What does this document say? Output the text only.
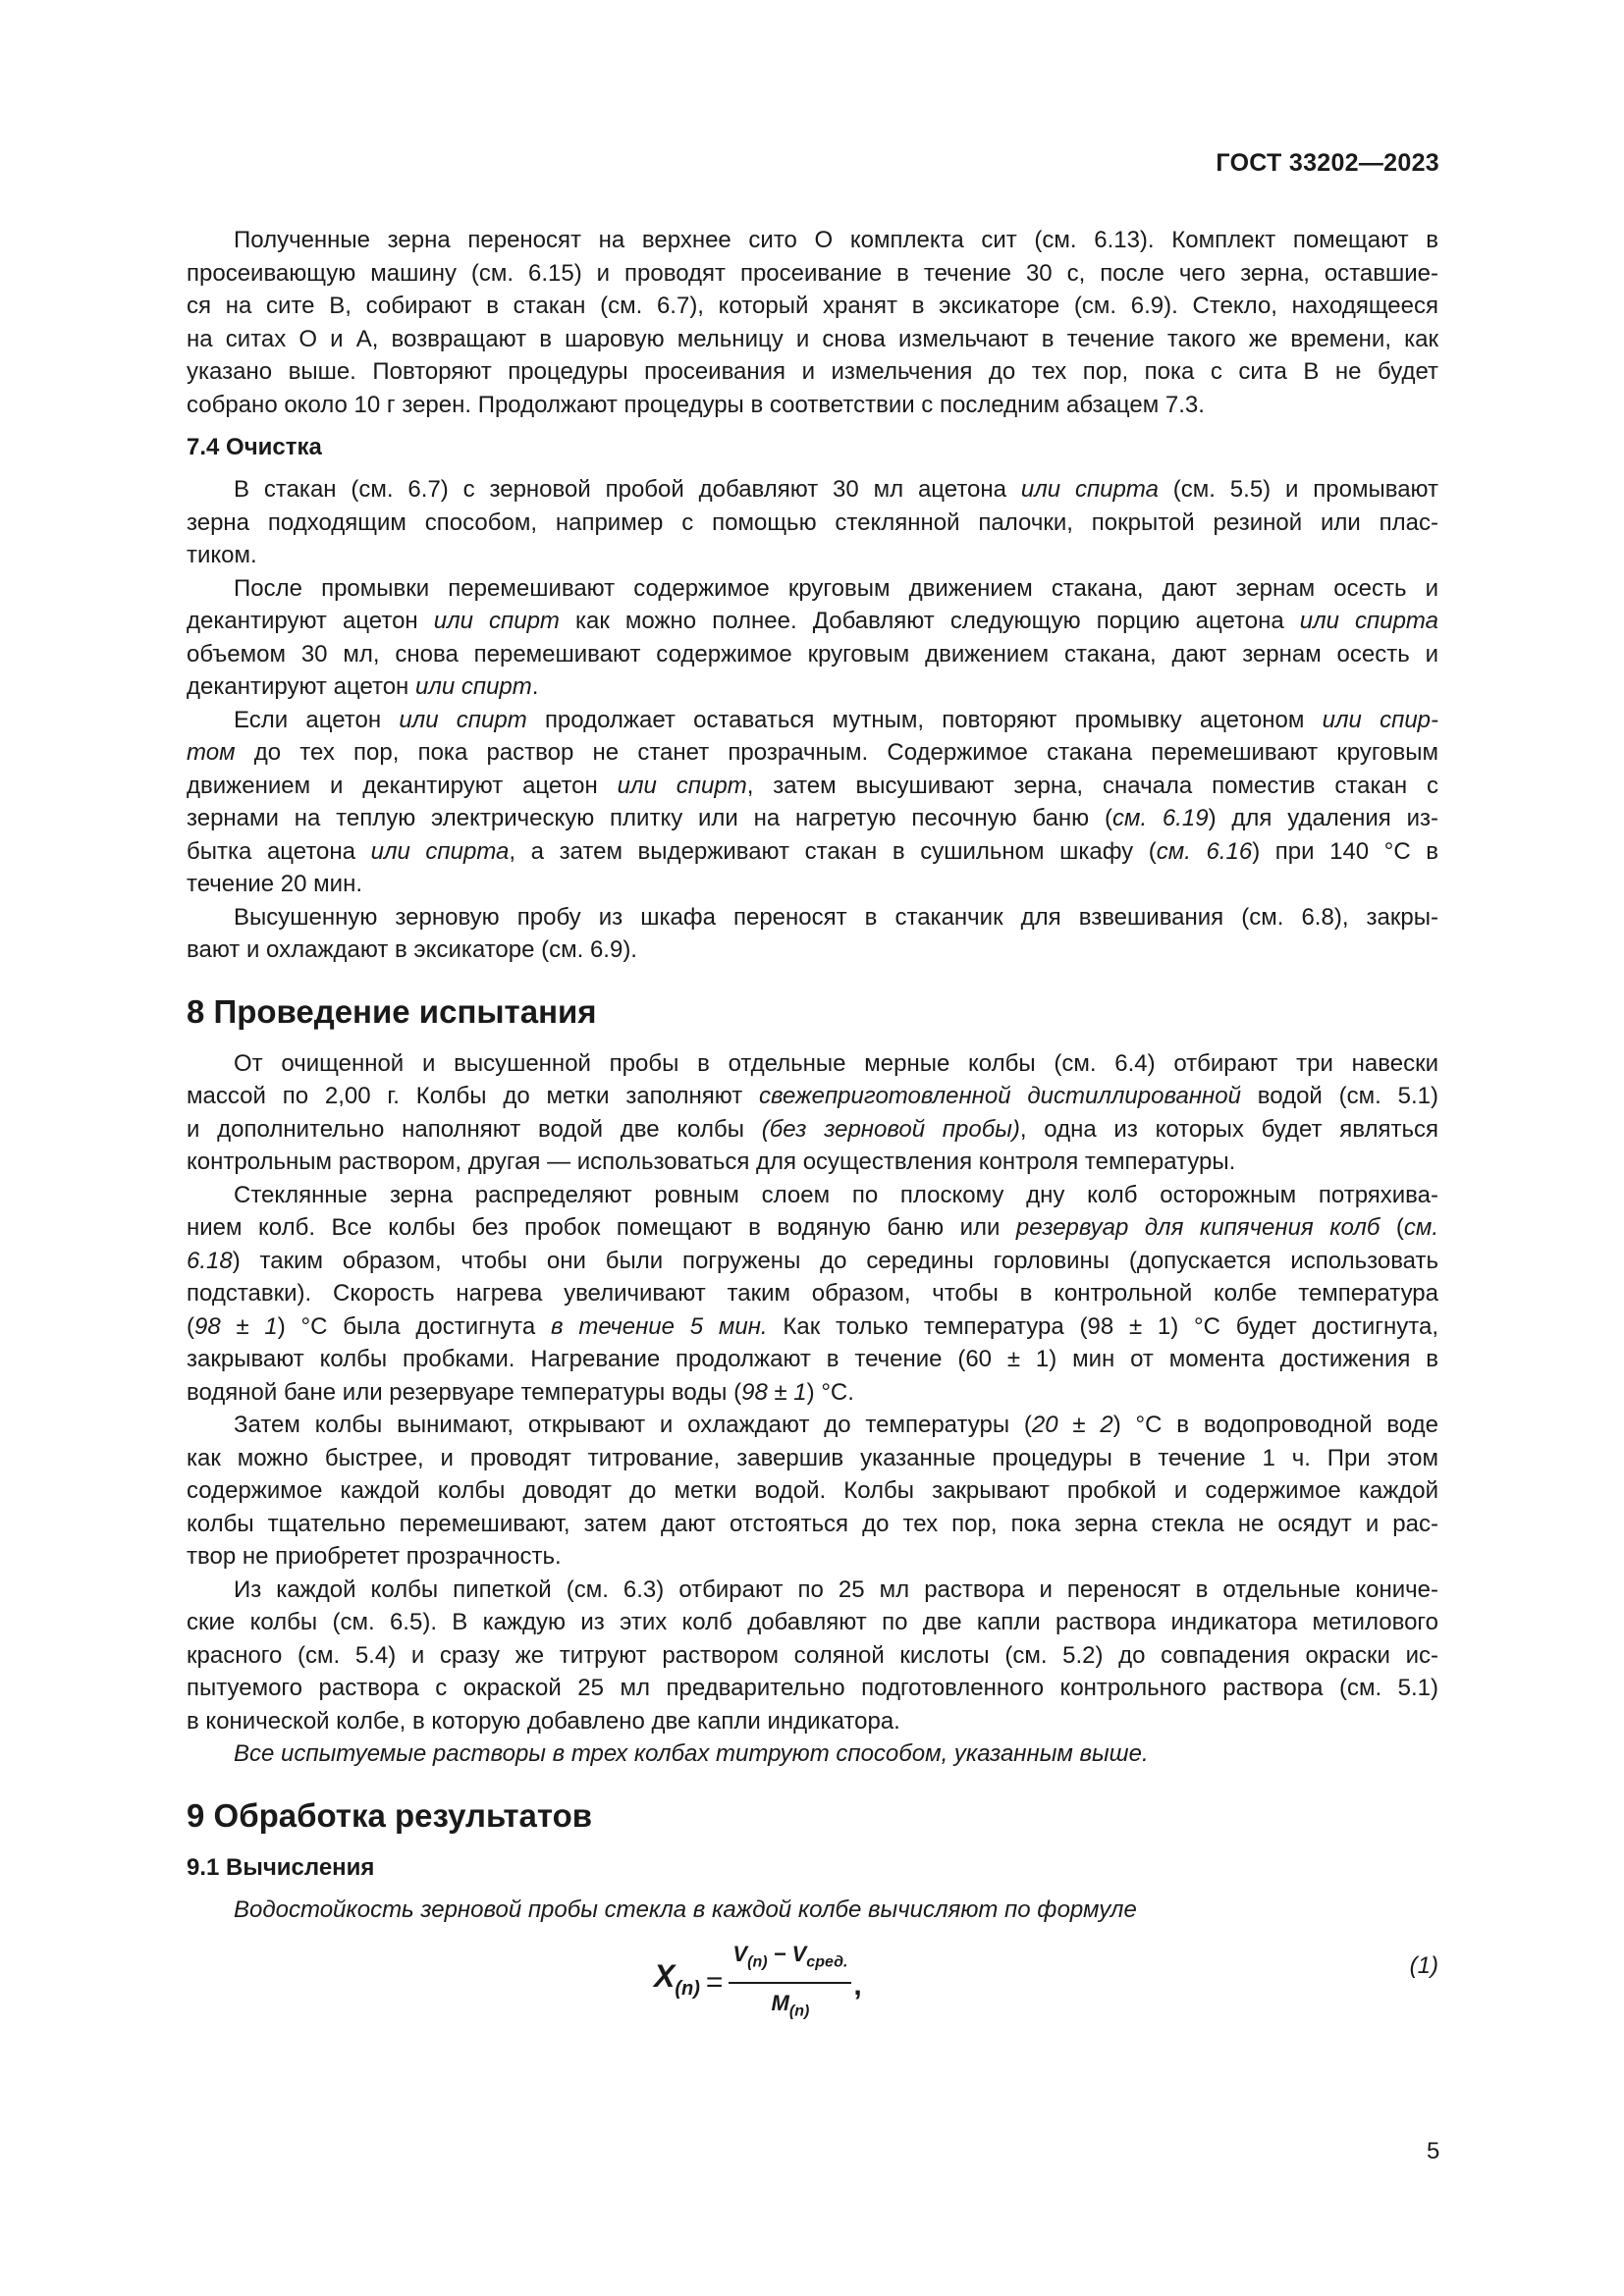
ГОСТ 33202—2023
  Полученные зерна переносят на верхнее сито О комплекта сит (см. 6.13). Комплект помещают в
просеивающую машину (см. 6.15) и проводят просеивание в течение 30 с, после чего зерна, оставшие-
ся на сите В, собирают в стакан (см. 6.7), который хранят в эксикаторе (см. 6.9). Стекло, находящееся
на ситах О и А, возвращают в шаровую мельницу и снова измельчают в течение такого же времени, как
указано выше. Повторяют процедуры просеивания и измельчения до тех пор, пока с сита В не будет
собрано около 10 г зерен. Продолжают процедуры в соответствии с последним абзацем 7.3.
7.4 Очистка
  В стакан (см. 6.7) с зерновой пробой добавляют 30 мл ацетона или спирта (см. 5.5) и промывают
зерна подходящим способом, например с помощью стеклянной палочки, покрытой резиной или плас-
тиком.
  После промывки перемешивают содержимое круговым движением стакана, дают зернам осесть и
декантируют ацетон или спирт как можно полнее. Добавляют следующую порцию ацетона или спирта
объемом 30 мл, снова перемешивают содержимое круговым движением стакана, дают зернам осесть и
декантируют ацетон или спирт.
  Если ацетон или спирт продолжает оставаться мутным, повторяют промывку ацетоном или спир-
том до тех пор, пока раствор не станет прозрачным. Содержимое стакана перемешивают круговым
движением и декантируют ацетон или спирт, затем высушивают зерна, сначала поместив стакан с
зернами на теплую электрическую плитку или на нагретую песочную баню (см. 6.19) для удаления из-
бытка ацетона или спирта, а затем выдерживают стакан в сушильном шкафу (см. 6.16) при 140 °С в
течение 20 мин.
  Высушенную зерновую пробу из шкафа переносят в стаканчик для взвешивания (см. 6.8), закры-
вают и охлаждают в эксикаторе (см. 6.9).
8 Проведение испытания
  От очищенной и высушенной пробы в отдельные мерные колбы (см. 6.4) отбирают три навески
массой по 2,00 г. Колбы до метки заполняют свежеприготовленной дистиллированной водой (см. 5.1)
и дополнительно наполняют водой две колбы (без зерновой пробы), одна из которых будет являться
контрольным раствором, другая — использоваться для осуществления контроля температуры.
  Стеклянные зерна распределяют ровным слоем по плоскому дну колб осторожным потряхива-
нием колб. Все колбы без пробок помещают в водяную баню или резервуар для кипячения колб (см.
6.18) таким образом, чтобы они были погружены до середины горловины (допускается использовать
подставки). Скорость нагрева увеличивают таким образом, чтобы в контрольной колбе температура
(98 ± 1) °С была достигнута в течение 5 мин. Как только температура (98 ± 1) °С будет достигнута,
закрывают колбы пробками. Нагревание продолжают в течение (60 ± 1) мин от момента достижения в
водяной бане или резервуаре температуры воды (98 ± 1) °С.
  Затем колбы вынимают, открывают и охлаждают до температуры (20 ± 2) °С в водопроводной воде
как можно быстрее, и проводят титрование, завершив указанные процедуры в течение 1 ч. При этом
содержимое каждой колбы доводят до метки водой. Колбы закрывают пробкой и содержимое каждой
колбы тщательно перемешивают, затем дают отстояться до тех пор, пока зерна стекла не осядут и рас-
твор не приобретет прозрачность.
  Из каждой колбы пипеткой (см. 6.3) отбирают по 25 мл раствора и переносят в отдельные кониче-
ские колбы (см. 6.5). В каждую из этих колб добавляют по две капли раствора индикатора метилового
красного (см. 5.4) и сразу же титруют раствором соляной кислоты (см. 5.2) до совпадения окраски ис-
пытуемого раствора с окраской 25 мл предварительно подготовленного контрольного раствора (см. 5.1)
в конической колбе, в которую добавлено две капли индикатора.
  Все испытуемые растворы в трех колбах титруют способом, указанным выше.
9 Обработка результатов
9.1 Вычисления
  Водостойкость зерновой пробы стекла в каждой колбе вычисляют по формуле
$X_{(n)} = \frac{V_{(n)} - V_{сред.}}{M_{(n)}}$ ,
(1)
5
